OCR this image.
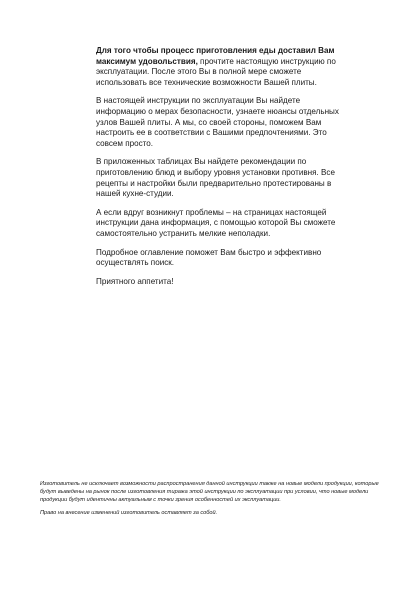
Для того чтобы процесс приготовления еды доставил Вам максимум удовольствия, прочтите настоящую инструкцию по эксплуатации. После этого Вы в полной мере сможете использовать все технические возможности Вашей плиты.

В настоящей инструкции по эксплуатации Вы найдете информацию о мерах безопасности, узнаете нюансы отдельных узлов Вашей плиты. А мы, со своей стороны, поможем Вам настроить ее в соответствии с Вашими предпочтениями. Это совсем просто.

В приложенных таблицах Вы найдете рекомендации по приготовлению блюд и выбору уровня установки противня. Все рецепты и настройки были предварительно протестированы в нашей кухне-студии.

А если вдруг возникнут проблемы – на страницах настоящей инструкции дана информация, с помощью которой Вы сможете самостоятельно устранить мелкие неполадки.

Подробное оглавление поможет Вам быстро и эффективно осуществлять поиск.

Приятного аппетита!

Изготовитель не исключает возможности распространения данной инструкции также на новые модели продукции, которые будут выведены на рынок после изготовления тиража этой инструкции по эксплуатации при условии, что новые модели продукции будут идентичны актуальным с точки зрения особенностей их эксплуатации.

Право на внесение изменений изготовитель оставляет за собой.
